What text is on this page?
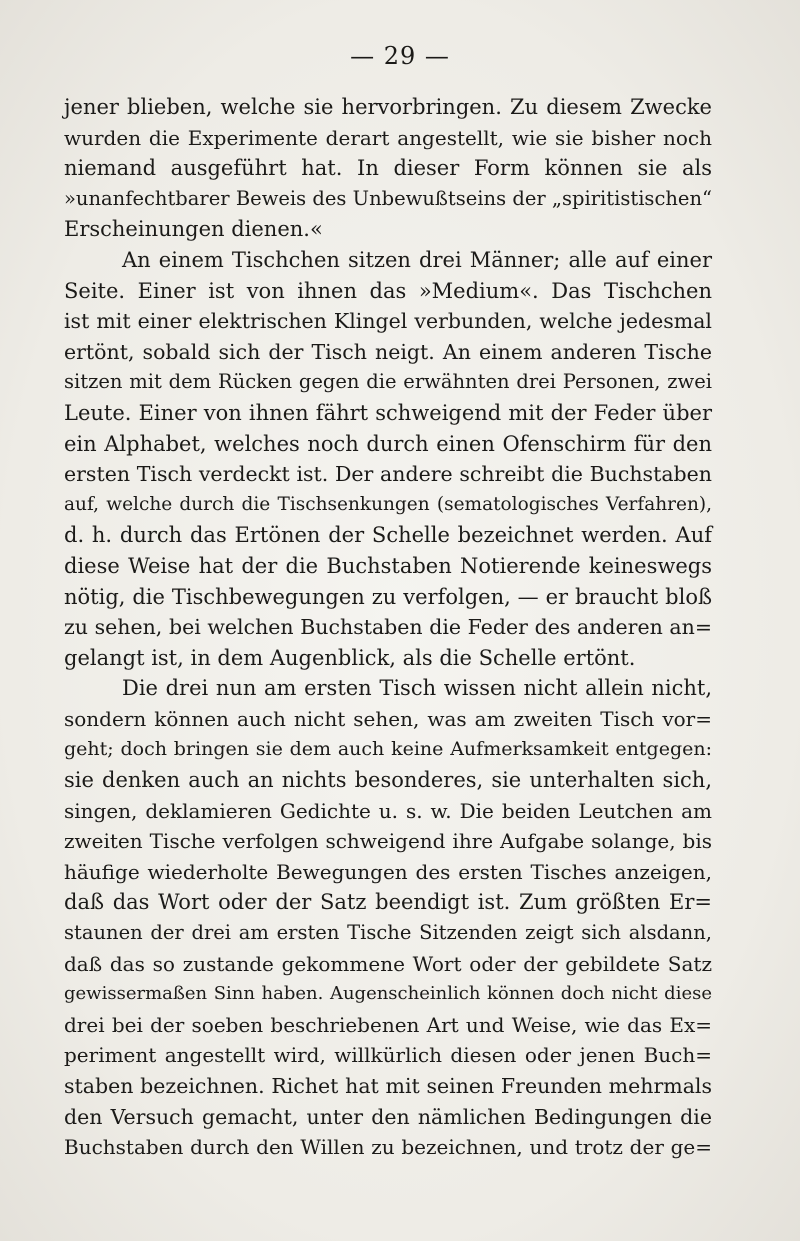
— 29 —
jener blieben, welche sie hervorbringen. Zu diesem Zwecke
wurden die Experimente derart angestellt, wie sie bisher noch
niemand ausgeführt hat. In dieser Form können sie als
»unanfechtbarer Beweis des Unbewußtseins der „spiritistischen“
Erscheinungen dienen.«
An einem Tischchen sitzen drei Männer; alle auf einer
Seite. Einer ist von ihnen das »Medium«. Das Tischchen
ist mit einer elektrischen Klingel verbunden, welche jedesmal
ertönt, sobald sich der Tisch neigt. An einem anderen Tische
sitzen mit dem Rücken gegen die erwähnten drei Personen, zwei
Leute. Einer von ihnen fährt schweigend mit der Feder über
ein Alphabet, welches noch durch einen Ofenschirm für den
ersten Tisch verdeckt ist. Der andere schreibt die Buchstaben
auf, welche durch die Tischsenkungen (sematologisches Verfahren),
d. h. durch das Ertönen der Schelle bezeichnet werden. Auf
diese Weise hat der die Buchstaben Notierende keineswegs
nötig, die Tischbewegungen zu verfolgen, — er braucht bloß
zu sehen, bei welchen Buchstaben die Feder des anderen an=
gelangt ist, in dem Augenblick, als die Schelle ertönt.
Die drei nun am ersten Tisch wissen nicht allein nicht,
sondern können auch nicht sehen, was am zweiten Tisch vor=
geht; doch bringen sie dem auch keine Aufmerksamkeit entgegen:
sie denken auch an nichts besonderes, sie unterhalten sich,
singen, deklamieren Gedichte u. s. w. Die beiden Leutchen am
zweiten Tische verfolgen schweigend ihre Aufgabe solange, bis
häufige wiederholte Bewegungen des ersten Tisches anzeigen,
daß das Wort oder der Satz beendigt ist. Zum größten Er=
staunen der drei am ersten Tische Sitzenden zeigt sich alsdann,
daß das so zustande gekommene Wort oder der gebildete Satz
gewissermaßen Sinn haben. Augenscheinlich können doch nicht diese
drei bei der soeben beschriebenen Art und Weise, wie das Ex=
periment angestellt wird, willkürlich diesen oder jenen Buch=
staben bezeichnen. Richet hat mit seinen Freunden mehrmals
den Versuch gemacht, unter den nämlichen Bedingungen die
Buchstaben durch den Willen zu bezeichnen, und trotz der ge=
